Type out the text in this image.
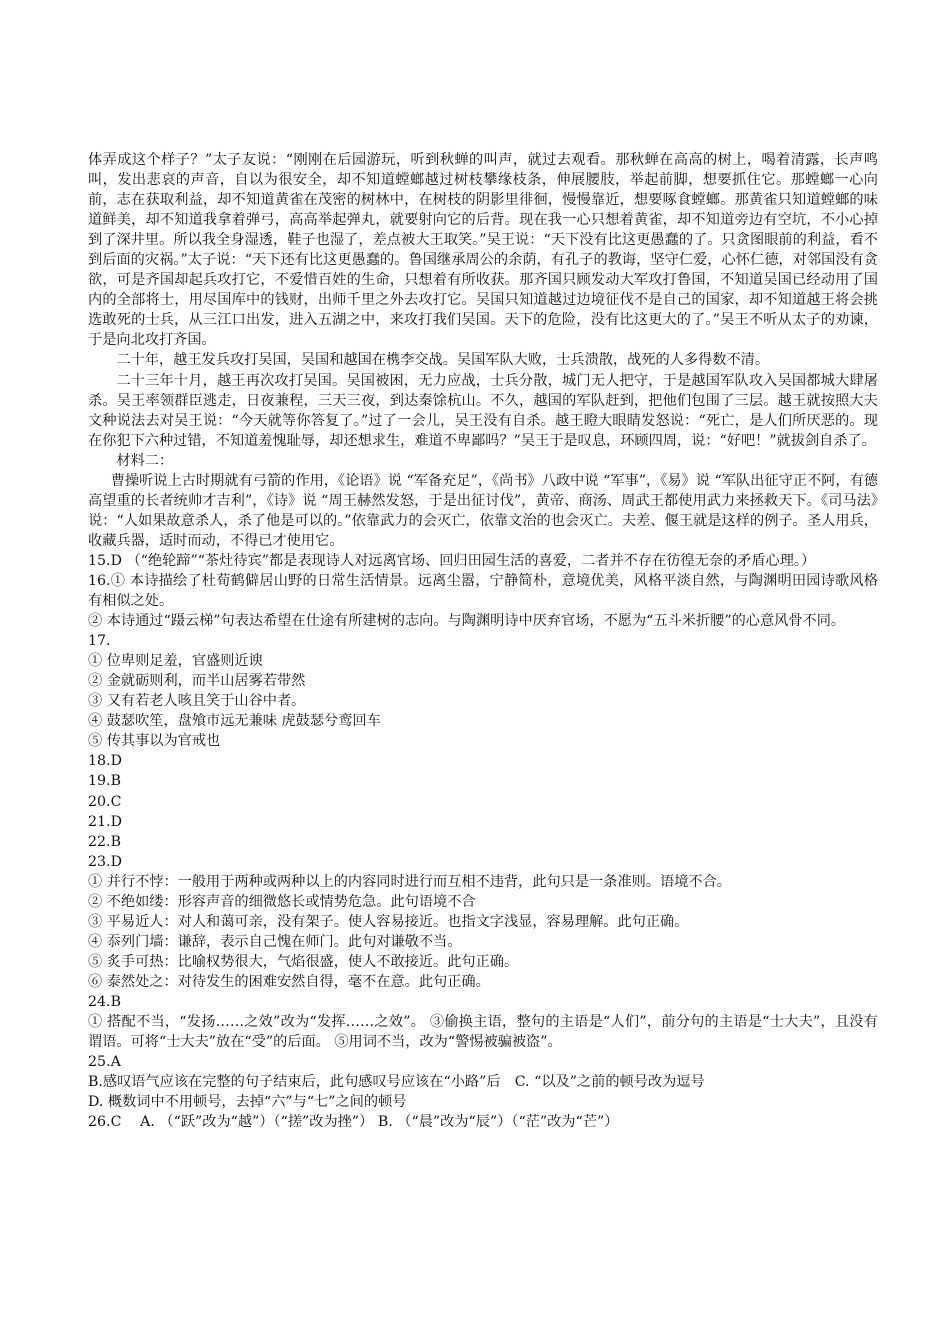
体弄成这个样子？”太子友说：“刚刚在后园游玩，听到秋蝉的叫声，就过去观看。那秋蝉在高高的树上，喝着清露，长声鸣叫，发出悲哀的声音，自以为很安全，却不知道螳螂越过树枝攀缘枝条，伸展腰肢，举起前脚，想要抓住它。那螳螂一心向前，志在获取利益，却不知道黄雀在茂密的树林中，在树枝的阴影里徘徊，慢慢靠近，想要啄食螳螂。那黄雀只知道螳螂的味道鲜美，却不知道我拿着弹弓，高高举起弹丸，就要射向它的后背。现在我一心只想着黄雀，却不知道旁边有空坑，不小心掉到了深井里。所以我全身湿透，鞋子也湿了，差点被大王取笑。”吴王说：“天下没有比这更愚蠢的了。只贪图眼前的利益，看不到后面的灾祸。”太子说：“天下还有比这更愚蠢的。鲁国继承周公的余荫，有孔子的教诲，坚守仁爱，心怀仁德，对邻国没有贪欲，可是齐国却起兵攻打它，不爱惜百姓的生命，只想着有所收获。那齐国只顾发动大军攻打鲁国，不知道吴国已经动用了国内的全部将士，用尽国库中的钱财，出师千里之外去攻打它。吴国只知道越过边境征伐不是自己的国家，却不知道越王将会挑选敢死的士兵，从三江口出发，进入五湖之中，来攻打我们吴国。天下的危险，没有比这更大的了。”吴王不听从太子的劝谏，于是向北攻打齐国。

二十年，越王发兵攻打吴国，吴国和越国在槜李交战。吴国军队大败，士兵溃散，战死的人多得数不清。

二十三年十月，越王再次攻打吴国。吴国被困，无力应战，士兵分散，城门无人把守，于是越国军队攻入吴国都城大肆屠杀。吴王率领群臣逃走，日夜兼程，三天三夜，到达秦馀杭山。不久，越国的军队赶到，把他们包围了三层。越王就按照大夫文种说法去对吴王说：“今天就等你答复了。”过了一会儿，吴王没有自杀。越王瞪大眼睛发怒说：“死亡，是人们所厌恶的。现在你犯下六种过错，不知道羞愧耻辱，却还想求生，难道不卑鄙吗？”吴王于是叹息，环顾四周，说：“好吧！”就拔剑自杀了。

材料二：

曹操听说上古时期就有弓箭的作用，《论语》说 “军备充足”，《尚书》八政中说 “军事”，《易》说 “军队出征守正不阿，有德高望重的长者统帅才吉利”，《诗》说 “周王赫然发怒，于是出征讨伐”，黄帝、商汤、周武王都使用武力来拯救天下。《司马法》说：“人如果故意杀人，杀了他是可以的。”依靠武力的会灭亡，依靠文治的也会灭亡。夫差、偃王就是这样的例子。圣人用兵，收藏兵器，适时而动，不得已才使用它。

15.D （“绝轮蹄”“茶灶待宾”都是表现诗人对远离官场、回归田园生活的喜爱，二者并不存在彷徨无奈的矛盾心理。）

16.① 本诗描绘了杜荀鹤僻居山野的日常生活情景。远离尘嚣，宁静简朴，意境优美，风格平淡自然，与陶渊明田园诗歌风格有相似之处。

② 本诗通过“蹑云梯”句表达希望在仕途有所建树的志向。与陶渊明诗中厌弃官场，不愿为“五斗米折腰”的心意风骨不同。

17.

① 位卑则足羞，官盛则近谀

② 金就砺则利，而半山居雾若带然

③ 又有若老人咳且笑于山谷中者。

④ 鼓瑟吹笙，盘飧市远无兼味 虎鼓瑟兮鸾回车

⑤ 传其事以为官戒也

18.D

19.B

20.C

21.D

22.B

23.D

① 并行不悖：一般用于两种或两种以上的内容同时进行而互相不违背，此句只是一条准则。语境不合。

② 不绝如缕：形容声音的细微悠长或情势危急。此句语境不合

③ 平易近人：对人和蔼可亲，没有架子。使人容易接近。也指文字浅显，容易理解。此句正确。

④ 忝列门墙：谦辞，表示自己愧在师门。此句对谦敬不当。

⑤ 炙手可热：比喻权势很大，气焰很盛，使人不敢接近。此句正确。

⑥ 泰然处之：对待发生的困难安然自得，毫不在意。此句正确。

24.B

① 搭配不当，“发扬……之效”改为“发挥……之效”。 ③偷换主语，整句的主语是“人们”，前分句的主语是“士大夫”，且没有谓语。可将“士大夫”放在“受”的后面。 ⑤用词不当，改为“警惕被骗被盗”。

25.A

B.感叹语气应该在完整的句子结束后，此句感叹号应该在“小路”后　C. “以及”之前的顿号改为逗号

D. 概数词中不用顿号，去掉“六”与“七”之间的顿号

26.C　 A. （“跃”改为“越”）（“搓”改为挫”） B. （“晨”改为“辰”）（“茫”改为“芒”）
